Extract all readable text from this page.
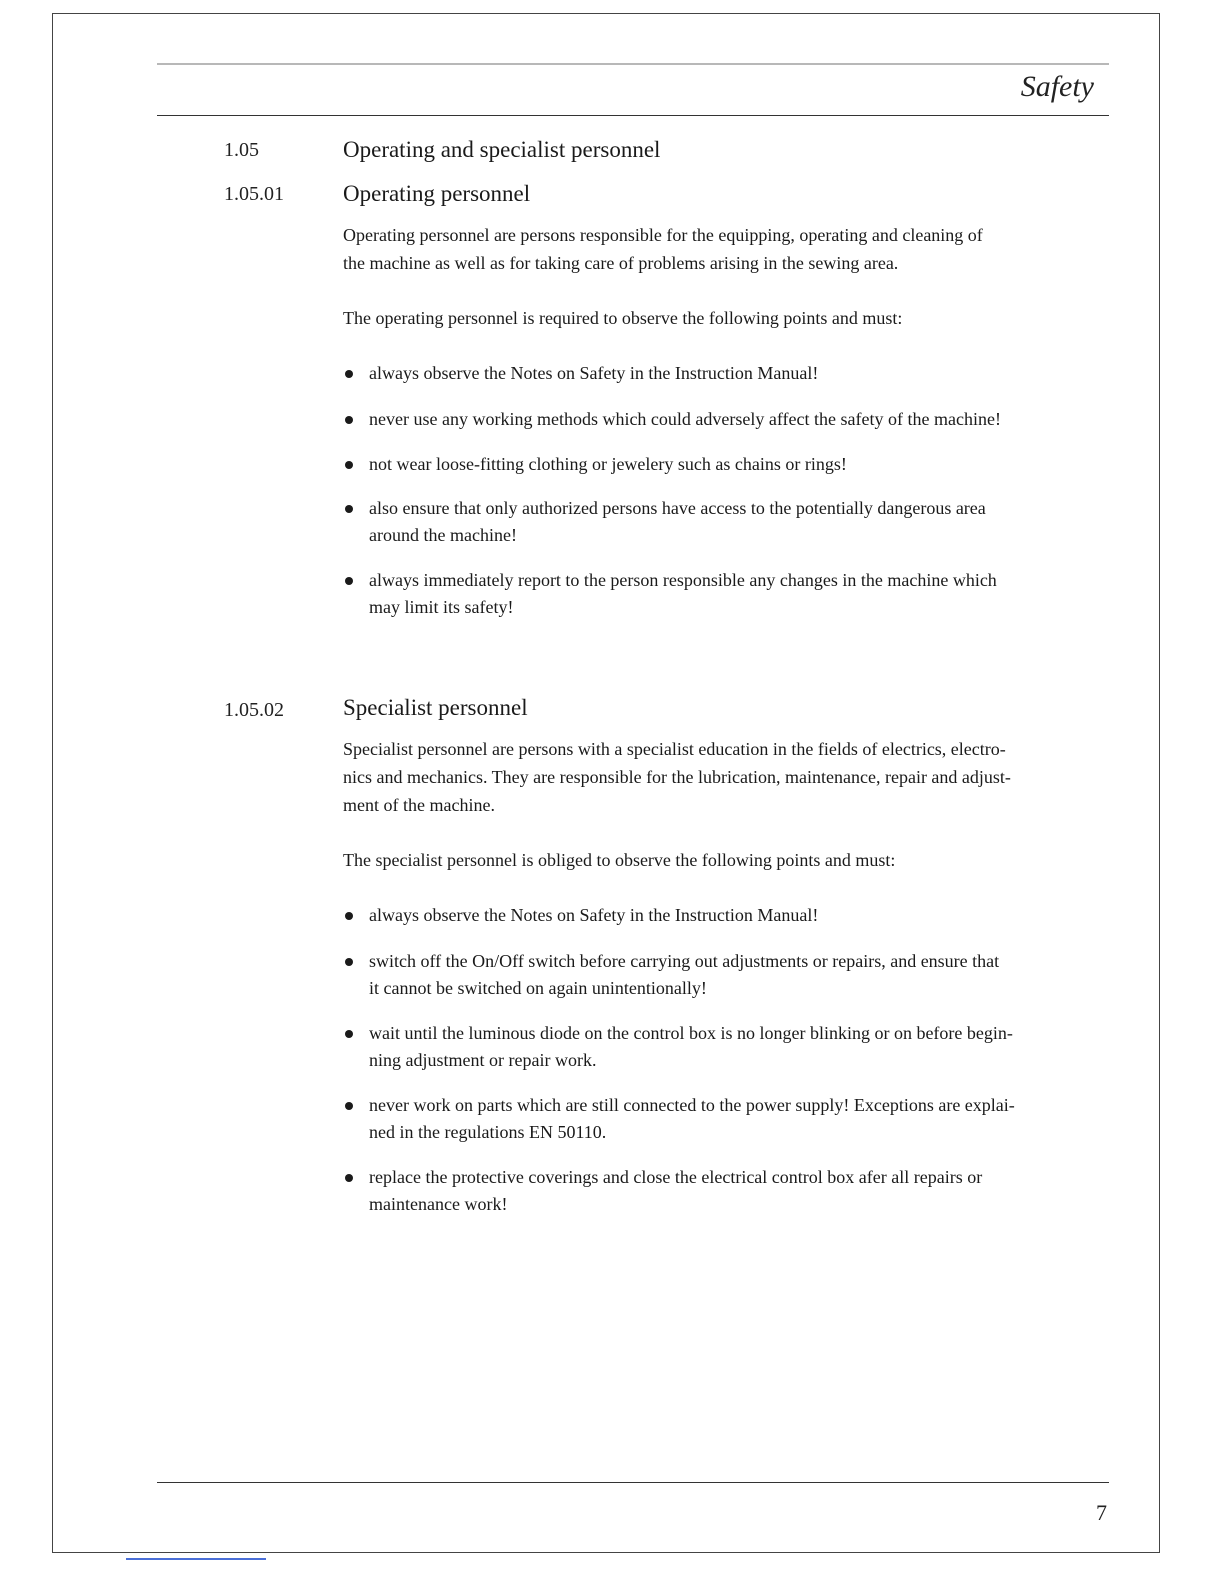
Safety
1.05	Operating and specialist personnel
1.05.01	Operating personnel
Operating personnel are persons responsible for the equipping, operating and cleaning of
the machine as well as for taking care of problems arising in the sewing area.
The operating personnel is required to observe the following points and must:
always observe the Notes on Safety in the Instruction Manual!
never use any working methods which could adversely affect the safety of the machine!
not wear loose-fitting clothing or jewelery such as chains or rings!
also ensure that only authorized persons have access to the potentially dangerous area
around the machine!
always immediately report to the person responsible any changes in the machine which
may limit its safety!
1.05.02	Specialist personnel
Specialist personnel are persons with a specialist education in the fields of electrics, electro-
nics and mechanics. They are responsible for the lubrication, maintenance, repair and adjust-
ment of the machine.
The specialist personnel is obliged to observe the following points and must:
always observe the Notes on Safety in the Instruction Manual!
switch off the On/Off switch before carrying out adjustments or repairs, and ensure that
it cannot be switched on again unintentionally!
wait until the luminous diode on the control box is no longer blinking or on before begin-
ning adjustment or repair work.
never work on parts which are still connected to the power supply! Exceptions are explai-
ned in the regulations EN 50110.
replace the protective coverings and close the electrical control box afer all repairs or
maintenance work!
7
